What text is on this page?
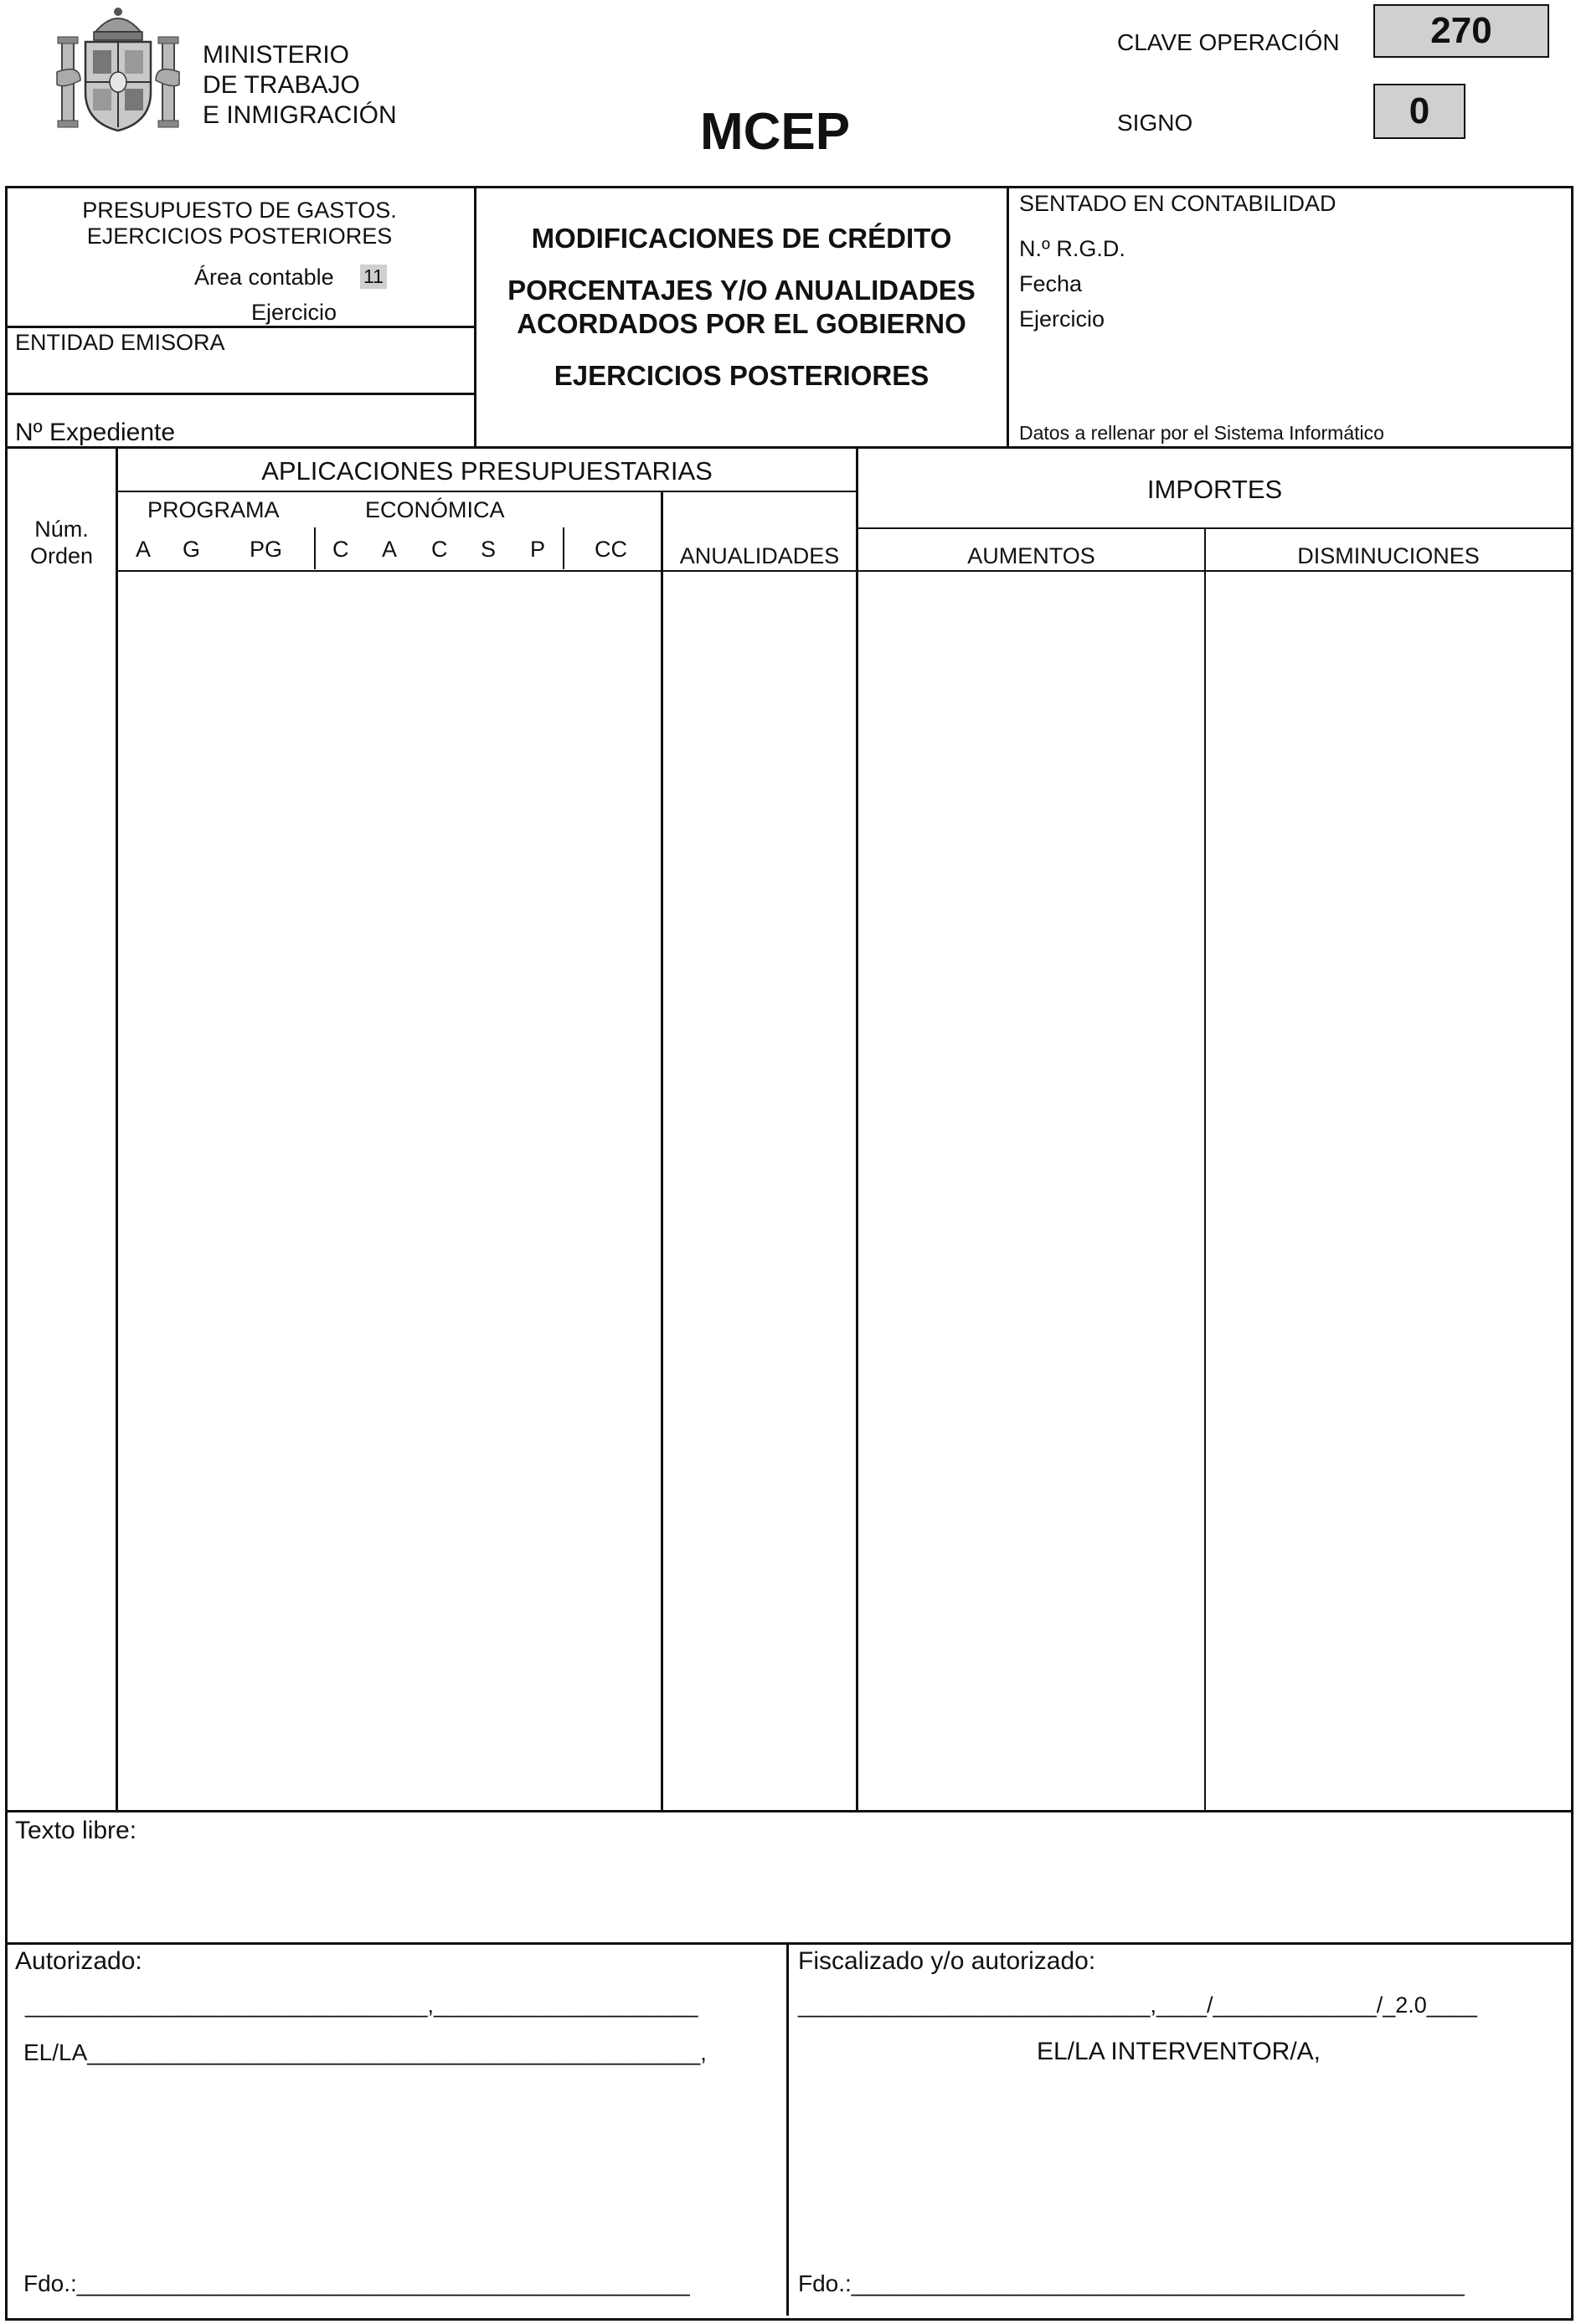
MINISTERIO
DE TRABAJO
E INMIGRACIÓN	MCEP
CLAVE OPERACIÓN	270
SIGNO	0
PRESUPUESTO DE GASTOS.
EJERCICIOS POSTERIORES
Área contable 11
Ejercicio
ENTIDAD EMISORA
Nº Expediente
MODIFICACIONES DE CRÉDITO
PORCENTAJES Y/O ANUALIDADES
ACORDADOS POR EL GOBIERNO
EJERCICIOS POSTERIORES
SENTADO EN CONTABILIDAD
N.º R.G.D.
Fecha
Ejercicio
Datos a rellenar por el Sistema Informático
Núm.
Orden
APLICACIONES PRESUPUESTARIAS
PROGRAMA	ECONÓMICA
A G PG C A C S P CC	ANUALIDADES
IMPORTES
AUMENTOS	DISMINUCIONES
Texto libre:
Autorizado:
________________________________,_____________________
EL/LA_______________________________________________,
Fdo.:_______________________________________________
Fiscalizado y/o autorizado:
____________________________,____/_____________/_2.0____
EL/LA INTERVENTOR/A,
Fdo.:_______________________________________________
